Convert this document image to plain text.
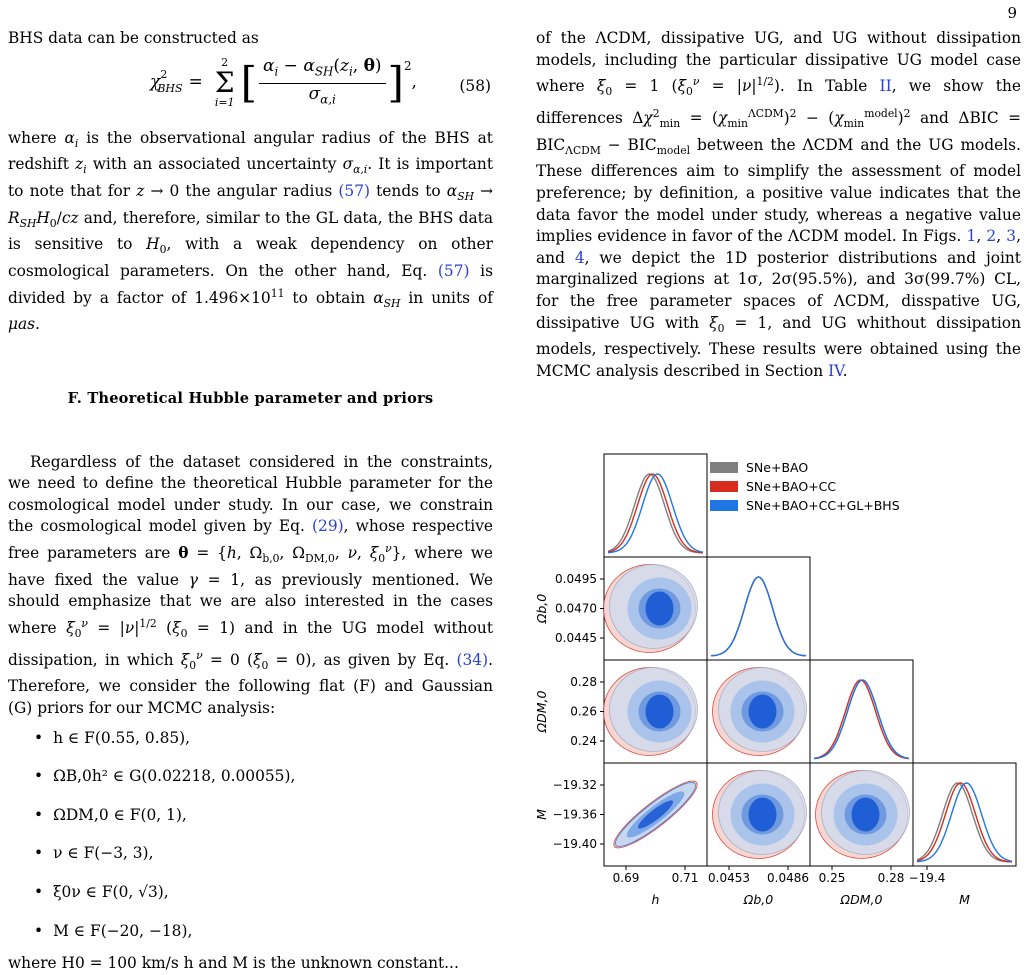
9

BHS data can be constructed as

$\chi^2$
$_{BHS}$ =
2
Σ
i=1 [ $\frac{\alpha_i - \alpha_{SH}(z_i, \theta)}{\sigma_{\alpha,i}} ]^2$
,	(58)

where $\alpha_i$ is the observational angular radius of the BHS at redshift $z_i$ with an associated uncertainty $\sigma_{\alpha,i}$. It is important to note that for z → 0 the angular radius (57) tends to $\alpha_{SH} \to R_{SH}H_0/cz$ and, therefore, similar to the GL data, the BHS data is sensitive to $H_0$, with a weak dependency on other cosmological parameters. On the other hand, Eq. (57) is divided by a factor of $1.496\times 10^{11}$ to obtain $\alpha_{SH}$ in units of μas.

F. Theoretical Hubble parameter and priors

Regardless of the dataset considered in the constraints, we need to define the theoretical Hubble parameter for the cosmological model under study. In our case, we constrain the cosmological model given by Eq. (29), whose respective free parameters are θ = {h, $\Omega_{b,0}$, $\Omega_{DM,0}$, ν, $\xi_0^\nu$}, where we have fixed the value γ = 1, as previously mentioned. We should emphasize that we are also interested in the cases where $\xi_0^\nu = |\nu|^{1/2}$ $(\xi_0 = 1)$ and in the UG model without dissipation, in which $\xi_0^\nu = 0$ $(\xi_0 = 0)$, as given by Eq. (34). Therefore, we consider the following flat (F) and Gaussian (G) priors for our MCMC analysis:

• h ∈ F(0.55, 0.85),
• ΩB,0h² ∈ G(0.02218, 0.00055),
• ΩDM,0 ∈ F(0, 1),
• ν ∈ F(−3, 3),
• ξ0ν ∈ F(0, √3),
• M ∈ F(−20, −18),

where H0 = 100 km/s h and M is the unknown constant...

of the ΛCDM, dissipative UG, and UG without dissipation models, including the particular dissipative UG model case where $\xi_0 = 1$ $(\xi_0^\nu = |\nu|^{1/2})$. In Table II, we show the differences $\Delta\chi^2_{min} = (\chi_{min}^{\Lambda CDM})^2 - (\chi_{min}^{model})^2$ and $\Delta BIC = BIC_{\Lambda CDM} - BIC_{model}$ between the ΛCDM and the UG models. These differences aim to simplify the assessment of model preference; by definition, a positive value indicates that the data favor the model under study, whereas a negative value implies evidence in favor of the ΛCDM model. In Figs. 1, 2, 3, and 4, we depict the 1D posterior distributions and joint marginalized regions at 1σ, 2σ(95.5%), and 3σ(99.7%) CL, for the free parameter spaces of ΛCDM, disspative UG, dissipative UG with $\xi_0 = 1$, and UG whithout dissipation models, respectively. These results were obtained using the MCMC analysis described in Section IV.

SNe+BAO
SNe+BAO+CC
SNe+BAO+CC+GL+BHS
0.0495
0.0470
0.0445
0.28
0.26
0.24
−19.32
−19.36
−19.40
Ωb,0
ΩDM,0
M
0.69	0.71
h
0.0453 0.0486
Ωb,0
0.25	0.28
ΩDM,0
−19.4
M
